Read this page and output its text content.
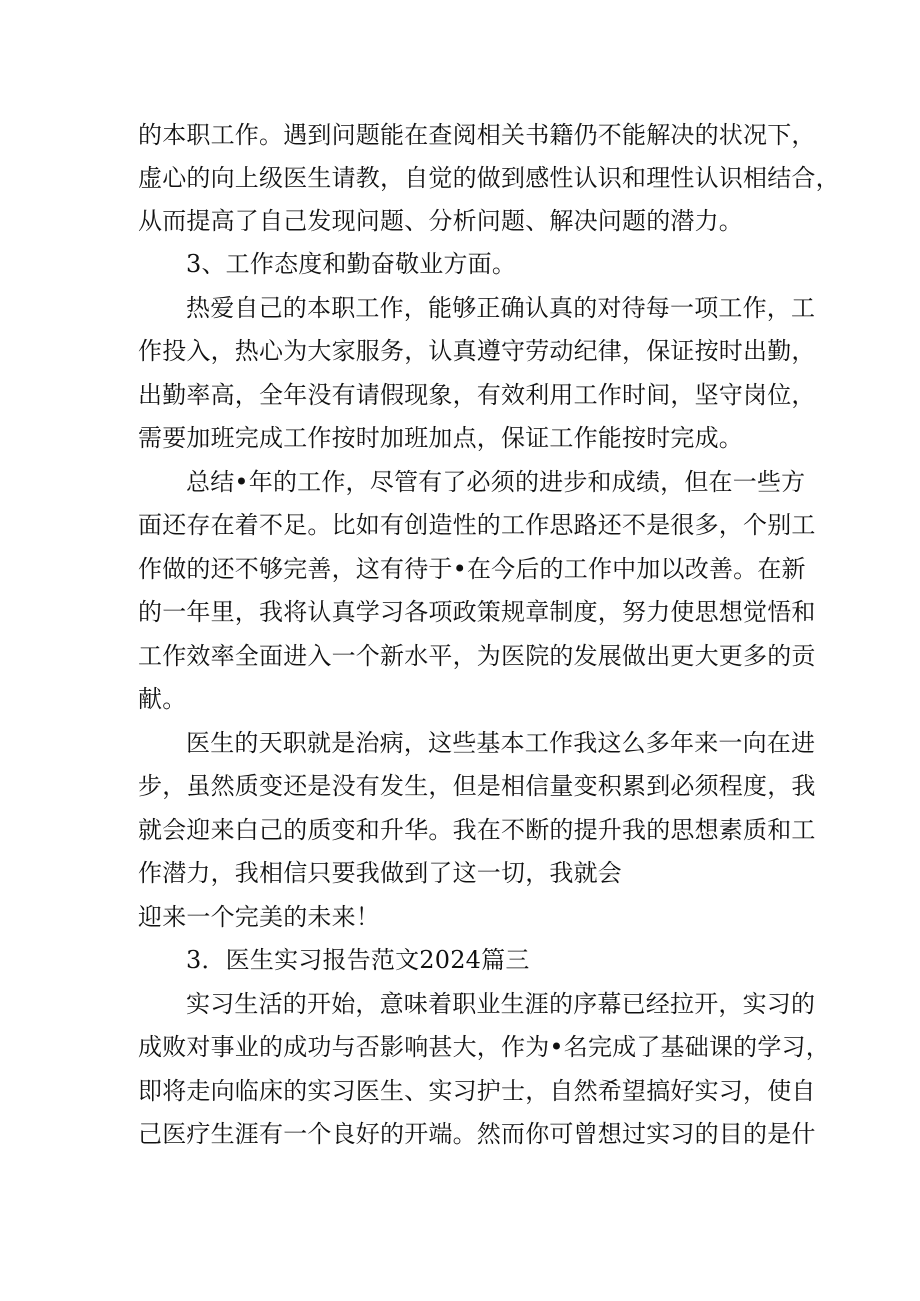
的本职工作。遇到问题能在查阅相关书籍仍不能解决的状况下，
虚心的向上级医生请教，自觉的做到感性认识和理性认识相结合，
从而提高了自己发现问题、分析问题、解决问题的潜力。
3、工作态度和勤奋敬业方面。
热爱自己的本职工作，能够正确认真的对待每一项工作，工
作投入，热心为大家服务，认真遵守劳动纪律，保证按时出勤，
出勤率高，全年没有请假现象，有效利用工作时间，坚守岗位，
需要加班完成工作按时加班加点，保证工作能按时完成。
总结•年的工作，尽管有了必须的进步和成绩，但在一些方
面还存在着不足。比如有创造性的工作思路还不是很多，个别工
作做的还不够完善，这有待于•在今后的工作中加以改善。在新
的一年里，我将认真学习各项政策规章制度，努力使思想觉悟和
工作效率全面进入一个新水平，为医院的发展做出更大更多的贡
献。
医生的天职就是治病，这些基本工作我这么多年来一向在进
步，虽然质变还是没有发生，但是相信量变积累到必须程度，我
就会迎来白己的质变和升华。我在不断的提升我的思想素质和工
作潜力，我相信只要我做到了这一切，我就会
迎来一个完美的未来！
3．医生实习报告范文2024篇三
实习生活的开始，意味着职业生涯的序幕已经拉开，实习的
成败对事业的成功与否影响甚大，作为•名完成了基础课的学习，
即将走向临床的实习医生、实习护士，自然希望搞好实习，使自
己医疗生涯有一个良好的开端。然而你可曾想过实习的目的是什
